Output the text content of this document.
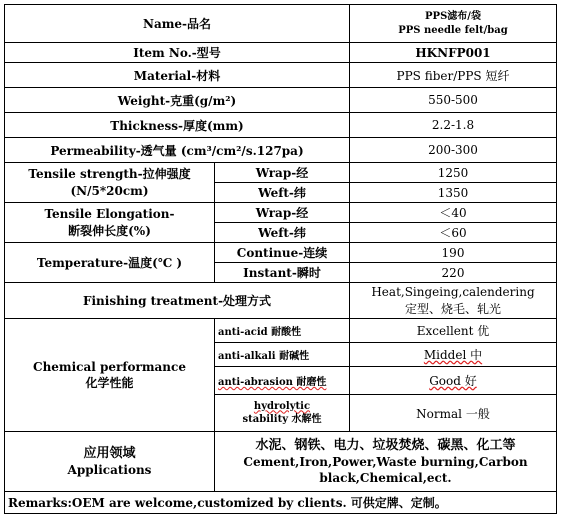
Name-品名		PPS滤布/袋
PPS needle felt/bag
Item No.-型号		HKNFP001
Material-材料		PPS fiber/PPS 短纤
Weight-克重(g/m²)		550-500
Thickness-厚度(mm)		2.2-1.8
Permeability-透气量 (cm³/cm²/s.127pa)		200-300
Tensile strength-拉伸强度
(N/5*20cm)	Wrap-经	1250
	Weft-纬	1350
Tensile Elongation-
断裂伸长度(%)	Wrap-经	＜40
	Weft-纬	＜60
Temperature-温度(℃ )	Continue-连续	190
	Instant-瞬时	220
Finishing treatment-处理方式		Heat,Singeing,calendering
定型、烧毛、轧光
Chemical performance
化学性能	anti-acid 耐酸性	Excellent 优
	anti-alkali 耐碱性	Middel 中
	anti-abrasion 耐磨性	Good 好
	hydrolytic
stability 水解性	Normal 一般
应用领域
Applications	水泥、钢铁、电力、垃圾焚烧、碳黑、化工等
Cement,Iron,Power,Waste burning,Carbon
black,Chemical,ect.	
Remarks:OEM are welcome,customized by clients. 可供定牌、定制。		
